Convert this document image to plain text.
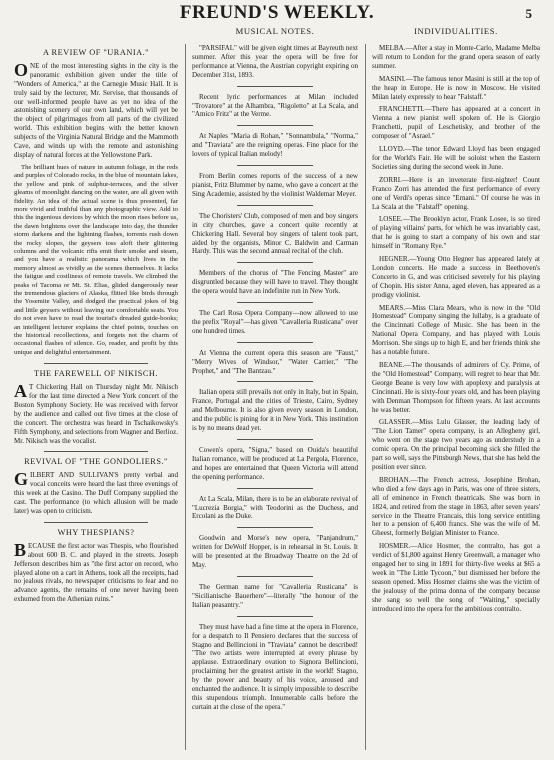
FREUND'S WEEKLY.	5
A REVIEW OF "URANIA."

ONE of the most interesting sights in the city is the panoramic exhibition given under the title of "Wonders of America," at the Carnegie Music Hall. It is truly said by the lecturer, Mr. Servise, that thousands of our well-informed people have as yet no idea of the astonishing scenery of our own land, which will yet be the object of pilgrimages from all parts of the civilized world. This exhibition begins with the better known subjects of the Virginia Natural Bridge and the Mammoth Cave, and winds up with the remote and astonishing display of natural forces at the Yellowstone Park.

The brilliant hues of nature in autumn foliage, in the reds and purples of Colorado rocks, in the blue of mountain lakes, the yellow and pink of sulphur-terraces, and the silver gleams of moonlight dancing on the water, are all given with fidelity. An idea of the actual scene is thus presented, far more vivid and truthful than any photographic view. Add to this the ingenious devices by which the moon rises before us, the dawn brightens over the landscape into day, the thunder storm darkens and the lightning flashes, torrents rush down the rocky slopes, the geysers toss aloft their glittering columns and the volcanic rifts emit their smoke and steam, and you have a realistic panorama which lives in the memory almost as vividly as the scenes themselves. It lacks the fatigue and costliness of remote travels. We climbed the peaks of Tacoma or Mt. St. Elias, glided dangerously near the tremendous glaciers of Alaska, flitted like birds through the Yosemite Valley, and dodged the practical jokes of big and little geysers without leaving our comfortable seats. You do not even have to read the tourist's dreaded guide-books; an intelligent lecturer explains the chief points, touches on the historical recollections, and forgets not the charm of occasional flashes of silence. Go, reader, and profit by this unique and delightful entertainment.

THE FAREWELL OF NIKISCH.

A T Chickering Hall on Thursday night Mr. Nikisch for the last time directed a New York concert of the Boston Symphony Society. He was received with fervor by the audience and called out five times at the close of the concert. The orchestra was heard in Tschaikowsky's Fifth Symphony, and selections from Wagner and Berlioz. Mr. Nikisch was the vocalist.

REVIVAL OF "THE GONDOLIERS."

GILBERT AND SULLIVAN'S pretty verbal and vocal conceits were heard the last three evenings of this week at the Casino. The Duff Company supplied the cast. The performance (to which allusion will be made later) was open to criticism.

WHY THESPIANS?

BECAUSE the first actor was Thespis, who flourished about 600 B. C. and played in the streets. Joseph Jefferson describes him as "the first actor on record, who played alone on a cart in Athens, took all the receipts, had no jealous rivals, no newspaper criticisms to fear and no advance agents, the remains of one never having been exhumed from the Athenian ruins."

MUSICAL NOTES.

"PARSIFAL" will be given eight times at Bayreuth next summer. After this year the opera will be free for performance at Vienna, the Austrian copyright expiring on December 31st, 1893.

Recent lyric performances at Milan included "Trovatore" at the Alhambra, "Rigoletto" at La Scala, and "Amico Fritz" at the Verme.

At Naples "Maria di Rohan," "Sonnambula," "Norma," and "Traviata" are the reigning operas. Fine place for the lovers of typical Italian melody!

From Berlin comes reports of the success of a new pianist, Fritz Blummer by name, who gave a concert at the Sing Academie, assisted by the violinist Waldemar Meyer.

The Choristers' Club, composed of men and boy singers in city churches, gave a concert quite recently at Chickering Hall. Several boy singers of talent took part, aided by the organists, Minor C. Baldwin and Carman Hardy. This was the second annual recital of the club.

Members of the chorus of "The Fencing Master" are disgruntled because they will have to travel. They thought the opera would have an indefinite run in New York.

The Carl Rosa Opera Company—now allowed to use the prefix "Royal"—has given "Cavalleria Rusticana" over one hundred times.

At Vienna the current opera this season are "Faust," "Merry Wives of Windsor," "Water Carrier," "The Prophet," and "The Bantzau."

Italian opera still prevails not only in Italy, but in Spain, France, Portugal and the cities of Trieste, Cairo, Sydney and Melbourne. It is also given every season in London, and the public is pining for it in New York. This institution is by no means dead yet.

Cowen's opera, "Signa," based on Ouida's beautiful Italian romance, will be produced at La Pergola, Florence, and hopes are entertained that Queen Victoria will attend the opening performance.

At La Scala, Milan, there is to be an elaborate revival of "Lucrezia Borgia," with Teodorini as the Duchess, and Ercolani as the Duke.

Goodwin and Morse's new opera, "Panjandrum," written for DeWolf Hopper, is in rehearsal in St. Louis. It will be presented at the Broadway Theatre on the 2d of May.

The German name for "Cavalleria Rusticana" is "Sicilianische Bauerhere"—literally "the honour of the Italian peasantry."

They must have had a fine time at the opera in Florence, for a despatch to Il Pensiero declares that the success of Stagno and Bellincioni in "Traviata" cannot be described! "The two artists were interrupted at every phrase by applause. Extraordinary ovation to Signora Bellincioni, proclaiming her the greatest artiste in the world! Stagno, by the power and beauty of his voice, aroused and enchanted the audience. It is simply impossible to describe this stupendous triumph. Innumerable calls before the curtain at the close of the opera."

INDIVIDUALITIES.

MELBA.—After a stay in Monte-Carlo, Madame Melba will return to London for the grand opera season of early summer.

MASINI.—The famous tenor Masini is still at the top of the heap in Europe. He is now in Moscow. He visited Milan lately expressly to hear "Falstaff."

FRANCHETTI.—There has appeared at a concert in Vienna a new pianist well spoken of. He is Giorgio Franchetti, pupil of Leschetisky, and brother of the composer of "Asrael."

LLOYD.—The tenor Edward Lloyd has been engaged for the World's Fair. He will be soloist when the Eastern Societies sing during the second week in June.

ZORRI.—Here is an inveterate first-nighter! Count Franco Zorri has attended the first performance of every one of Verdi's operas since "Ernani." Of course he was in La Scala at the "Falstaff" opening.

LOSEE.—The Brooklyn actor, Frank Losee, is so tired of playing villains' parts, for which he was invariably cast, that he is going to start a company of his own and star himself in "Romany Rye."

HEGNER.—Young Otto Hegner has appeared lately at London concerts. He made a success in Beethoven's Concerto in G, and was criticised severely for his playing of Chopin. His sister Anna, aged eleven, has appeared as a prodigy violinist.

MEARS.—Miss Clara Mears, who is now in the "Old Homestead" Company singing the lullaby, is a graduate of the Cincinnati College of Music. She has been in the National Opera Company, and has played with Louis Morrison. She sings up to high E, and her friends think she has a notable future.

BEANE.—The thousands of admirers of Cy. Prime, of the "Old Homestead" Company, will regret to hear that Mr. George Beane is very low with apoplexy and paralysis at Cincinnati. He is sixty-four years old, and has been playing with Denman Thompson for fifteen years. At last accounts he was better.

GLASSER.—Miss Lulu Glasser, the leading lady of "The Lion Tamer" opera company, is an Allegheny girl, who went on the stage two years ago as understudy in a comic opera. On the principal becoming sick she filled the part so well, says the Pittsburgh News, that she has held the position ever since.

BROHAN.—The French actress, Josephine Brohan, who died a few days ago in Paris, was one of three sisters, all of eminence in French theatricals. She was born in 1824, and retired from the stage in 1863, after seven years' service in the Theatre Francais, this long service entitling her to a pension of 6,400 francs. She was the wife of M. Gheest, formerly Belgian Minister to France.

HOSMER.—Alice Hosmer, the contralto, has got a verdict of $1,800 against Henry Greenwall, a manager who engaged her to sing in 1891 for thirty-five weeks at $65 a week in "The Little Tycoon," but dismissed her before the season opened. Miss Hosmer claims she was the victim of the jealousy of the prima donna of the company because she sang so well the song of "Waiting," specially introduced into the opera for the ambitious contralto.
